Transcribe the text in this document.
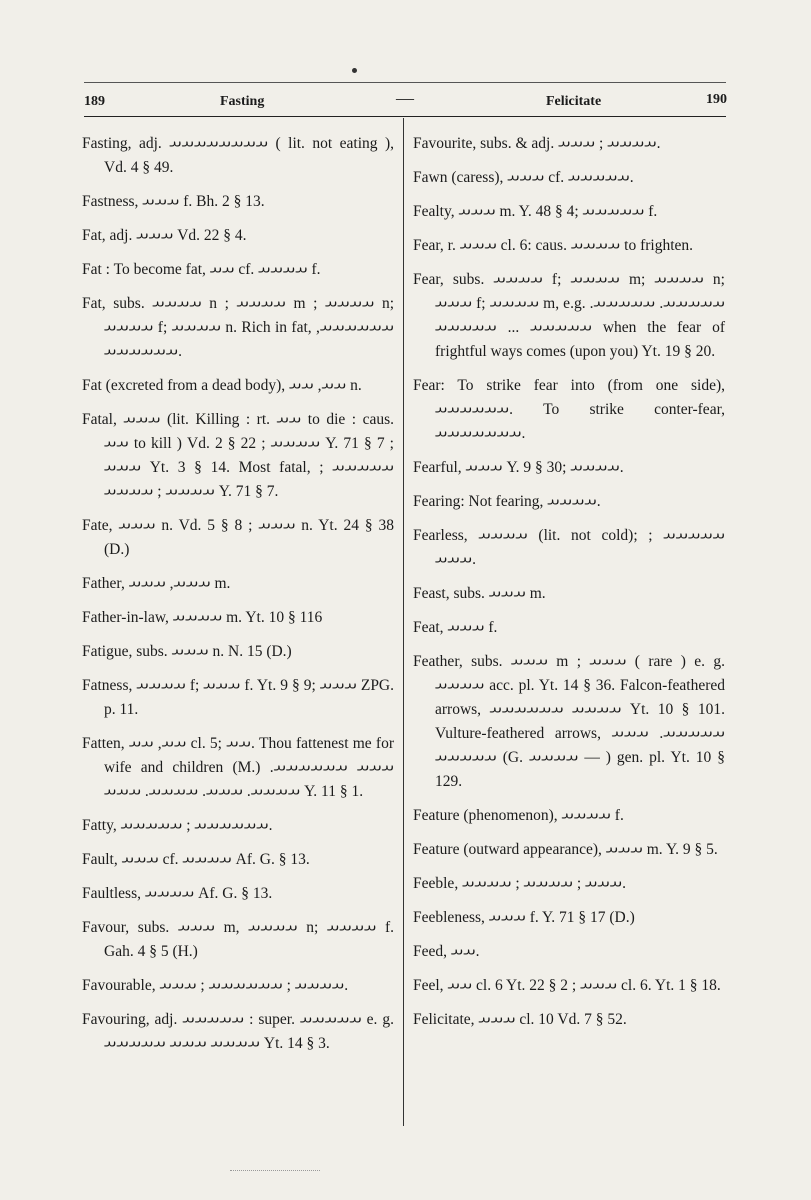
189	Fasting	—	Felicitate	190

Fasting, adj. 𐬀𐬀𐬀𐬀𐬀𐬀𐬀𐬀 ( lit. not eating ), Vd. 4 § 49.

Fastness, 𐬀𐬀𐬀 f. Bh. 2 § 13.

Fat, adj. 𐬀𐬀𐬀 Vd. 22 § 4.

Fat : To become fat, 𐬀𐬀 cf. 𐬀𐬀𐬀𐬀 f.

Fat, subs. 𐬀𐬀𐬀𐬀 n ; 𐬀𐬀𐬀𐬀 m ; 𐬀𐬀𐬀𐬀 n; 𐬀𐬀𐬀𐬀 f; 𐬀𐬀𐬀𐬀 n. Rich in fat, 𐬀𐬀𐬀𐬀𐬀𐬀, 𐬀𐬀𐬀𐬀𐬀𐬀.

Fat (excreted from a dead body), 𐬀𐬀, 𐬀𐬀 n.

Fatal, 𐬀𐬀𐬀 (lit. Killing : rt. 𐬀𐬀 to die : caus. 𐬀𐬀 to kill ) Vd. 2 § 22 ; 𐬀𐬀𐬀𐬀 Y. 71 § 7 ; 𐬀𐬀𐬀 Yt. 3 § 14. Most fatal, 𐬀𐬀𐬀𐬀𐬀 ; 𐬀𐬀𐬀𐬀 ; 𐬀𐬀𐬀𐬀 Y. 71 § 7.

Fate, 𐬀𐬀𐬀 n. Vd. 5 § 8 ; 𐬀𐬀𐬀 n. Yt. 24 § 38 (D.)

Father, 𐬀𐬀𐬀, 𐬀𐬀𐬀 m.

Father-in-law, 𐬀𐬀𐬀𐬀 m. Yt. 10 § 116

Fatigue, subs. 𐬀𐬀𐬀 n. N. 15 (D.)

Fatness, 𐬀𐬀𐬀𐬀 f; 𐬀𐬀𐬀 f. Yt. 9 § 9; 𐬀𐬀𐬀 ZPG. p. 11.

Fatten, 𐬀𐬀, 𐬀𐬀 cl. 5; 𐬀𐬀. Thou fattenest me for wife and children (M.) 𐬀𐬀𐬀 𐬀𐬀𐬀𐬀𐬀𐬀. 𐬀𐬀𐬀𐬀. 𐬀𐬀𐬀. 𐬀𐬀𐬀𐬀. 𐬀𐬀𐬀 Y. 11 § 1.

Fatty, 𐬀𐬀𐬀𐬀𐬀𐬀 ; 𐬀𐬀𐬀𐬀𐬀.

Fault, 𐬀𐬀𐬀 cf. 𐬀𐬀𐬀𐬀 Af. G. § 13.

Faultless, 𐬀𐬀𐬀𐬀 Af. G. § 13.

Favour, subs. 𐬀𐬀𐬀 m, 𐬀𐬀𐬀𐬀 n; 𐬀𐬀𐬀𐬀 f. Gah. 4 § 5 (H.)

Favourable, 𐬀𐬀𐬀𐬀 ; 𐬀𐬀𐬀𐬀𐬀𐬀 ; 𐬀𐬀𐬀.

Favouring, adj. 𐬀𐬀𐬀𐬀𐬀 : super. 𐬀𐬀𐬀𐬀𐬀 e. g. 𐬀𐬀𐬀𐬀 𐬀𐬀𐬀 𐬀𐬀𐬀𐬀𐬀 Yt. 14 § 3.

Favourite, subs. & adj. 𐬀𐬀𐬀𐬀 ; 𐬀𐬀𐬀.

Fawn (caress), 𐬀𐬀𐬀 cf. 𐬀𐬀𐬀𐬀𐬀.

Fealty, 𐬀𐬀𐬀 m. Y. 48 § 4; 𐬀𐬀𐬀𐬀𐬀 f.

Fear, r. 𐬀𐬀𐬀 cl. 6: caus. 𐬀𐬀𐬀𐬀 to frighten.

Fear, subs. 𐬀𐬀𐬀𐬀 f; 𐬀𐬀𐬀𐬀 m; 𐬀𐬀𐬀𐬀 n; 𐬀𐬀𐬀 f; 𐬀𐬀𐬀𐬀 m, e.g. 𐬀𐬀𐬀𐬀𐬀. 𐬀𐬀𐬀𐬀𐬀. 𐬀𐬀𐬀𐬀𐬀 ... 𐬀𐬀𐬀𐬀𐬀 when the fear of frightful ways comes (upon you) Yt. 19 § 20.

Fear: To strike fear into (from one side), 𐬀𐬀𐬀𐬀𐬀𐬀. To strike conter-fear, 𐬀𐬀𐬀𐬀𐬀𐬀𐬀.

Fearful, 𐬀𐬀𐬀 Y. 9 § 30; 𐬀𐬀𐬀𐬀.

Fearing: Not fearing, 𐬀𐬀𐬀𐬀.

Fearless, 𐬀𐬀𐬀𐬀 (lit. not cold); 𐬀𐬀𐬀𐬀𐬀 ; 𐬀𐬀𐬀.

Feast, subs. 𐬀𐬀𐬀 m.

Feat, 𐬀𐬀𐬀 f.

Feather, subs. 𐬀𐬀𐬀 m ; 𐬀𐬀𐬀 ( rare ) e. g. 𐬀𐬀𐬀𐬀 acc. pl. Yt. 14 § 36. Falcon-feathered arrows, 𐬀𐬀𐬀𐬀 𐬀𐬀𐬀𐬀𐬀𐬀 Yt. 10 § 101. Vulture-feathered arrows, 𐬀𐬀𐬀𐬀𐬀. 𐬀𐬀𐬀 𐬀𐬀𐬀𐬀𐬀 (G. 𐬀𐬀𐬀𐬀 — ) gen. pl. Yt. 10 § 129.

Feature (phenomenon), 𐬀𐬀𐬀𐬀 f.

Feature (outward appearance), 𐬀𐬀𐬀 m. Y. 9 § 5.

Feeble, 𐬀𐬀𐬀 ; 𐬀𐬀𐬀𐬀 ; 𐬀𐬀𐬀𐬀.

Feebleness, 𐬀𐬀𐬀 f. Y. 71 § 17 (D.)

Feed, 𐬀𐬀.

Feel, 𐬀𐬀 cl. 6 Yt. 22 § 2 ; 𐬀𐬀𐬀 cl. 6. Yt. 1 § 18.

Felicitate, 𐬀𐬀𐬀 cl. 10 Vd. 7 § 52.
